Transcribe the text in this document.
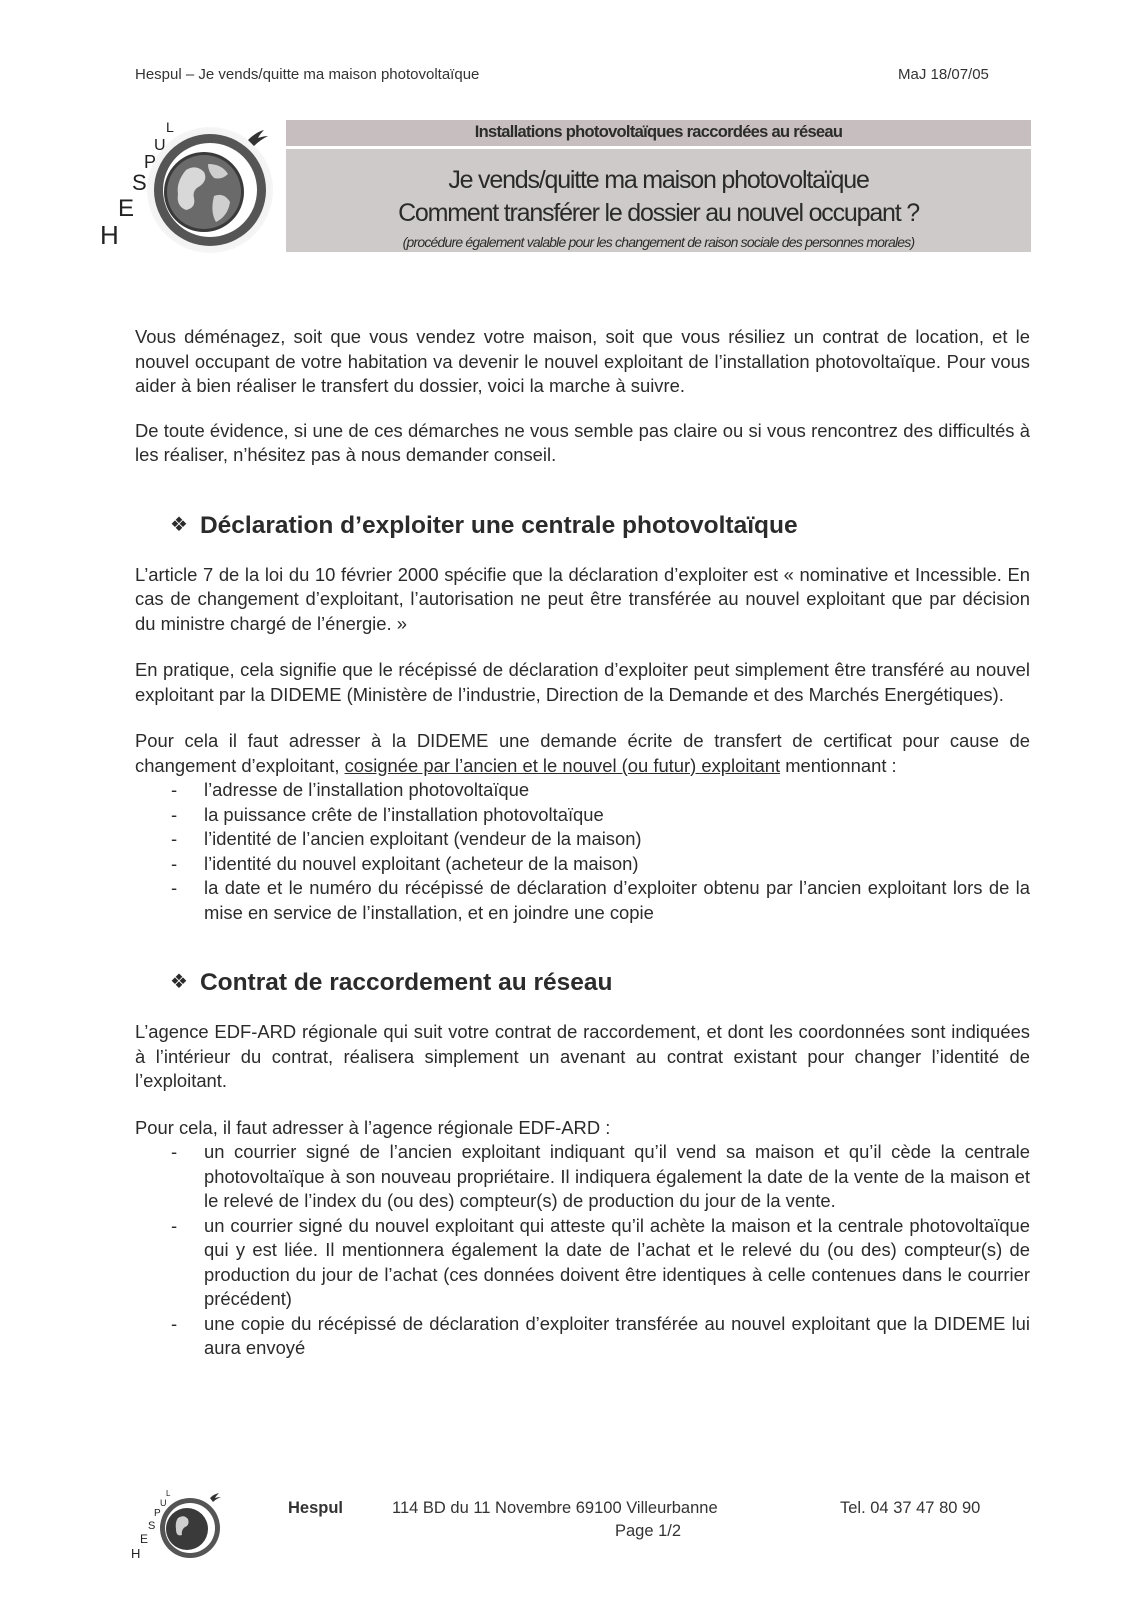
Hespul – Je vends/quitte ma maison photovoltaïque	MaJ 18/07/05
L
U
P
S
E
H
Installations photovoltaïques raccordées au réseau
Je vends/quitte ma maison photovoltaïque
Comment transférer le dossier au nouvel occupant ?
(procédure également valable pour les changement de raison sociale des personnes morales)

Vous déménagez, soit que vous vendez votre maison, soit que vous résiliez un contrat de location, et le nouvel occupant de votre habitation va devenir le nouvel exploitant de l’installation photovoltaïque. Pour vous aider à bien réaliser le transfert du dossier, voici la marche à suivre.

De toute évidence, si une de ces démarches ne vous semble pas claire ou si vous rencontrez des difficultés à les réaliser, n’hésitez pas à nous demander conseil.

❖ Déclaration d’exploiter une centrale photovoltaïque

L’article 7 de la loi du 10 février 2000 spécifie que la déclaration d’exploiter est « nominative et Incessible. En cas de changement d’exploitant, l’autorisation ne peut être transférée au nouvel exploitant que par décision du ministre chargé de l’énergie. »

En pratique, cela signifie que le récépissé de déclaration d’exploiter peut simplement être transféré au nouvel exploitant par la DIDEME (Ministère de l’industrie, Direction de la Demande et des Marchés Energétiques).

Pour cela il faut adresser à la DIDEME une demande écrite de transfert de certificat pour cause de changement d’exploitant, cosignée par l’ancien et le nouvel (ou futur) exploitant mentionnant :

- l’adresse de l’installation photovoltaïque
- la puissance crête de l’installation photovoltaïque
- l’identité de l’ancien exploitant (vendeur de la maison)
- l’identité du nouvel exploitant (acheteur de la maison)
- la date et le numéro du récépissé de déclaration d’exploiter obtenu par l’ancien exploitant lors de la mise en service de l’installation, et en joindre une copie
❖ Contrat de raccordement au réseau

L’agence EDF-ARD régionale qui suit votre contrat de raccordement, et dont les coordonnées sont indiquées à l’intérieur du contrat, réalisera simplement un avenant au contrat existant pour changer l’identité de l’exploitant.

Pour cela, il faut adresser à l’agence régionale EDF-ARD :

- un courrier signé de l’ancien exploitant indiquant qu’il vend sa maison et qu’il cède la centrale photovoltaïque à son nouveau propriétaire. Il indiquera également la date de la vente de la maison et le relevé de l’index du (ou des) compteur(s) de production du jour de la vente.
- un courrier signé du nouvel exploitant qui atteste qu’il achète la maison et la centrale photovoltaïque qui y est liée. Il mentionnera également la date de l’achat et le relevé du (ou des) compteur(s) de production du jour de l’achat (ces données doivent être identiques à celle contenues dans le courrier précédent)
- une copie du récépissé de déclaration d’exploiter transférée au nouvel exploitant que la DIDEME lui aura envoyé
L
U
P
S
E
H
Hespul	114 BD du 11 Novembre 69100 Villeurbanne	Tel. 04 37 47 80 90
Page 1/2
